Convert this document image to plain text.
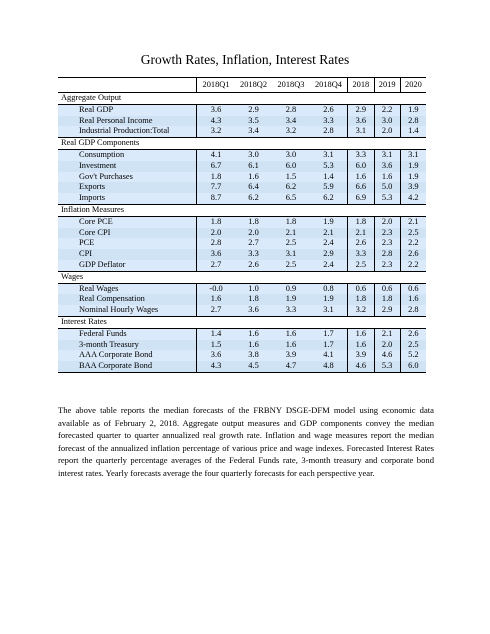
Growth Rates, Inflation, Interest Rates
	2018Q1	2018Q2	2018Q3	2018Q4	2018	2019	2020
Aggregate Output							
Real GDP	3.6	2.9	2.8	2.6	2.9	2.2	1.9
Real Personal Income	4.3	3.5	3.4	3.3	3.6	3.0	2.8
Industrial Production:Total	3.2	3.4	3.2	2.8	3.1	2.0	1.4
Real GDP Components							
Consumption	4.1	3.0	3.0	3.1	3.3	3.1	3.1
Investment	6.7	6.1	6.0	5.3	6.0	3.6	1.9
Gov't Purchases	1.8	1.6	1.5	1.4	1.6	1.6	1.9
Exports	7.7	6.4	6.2	5.9	6.6	5.0	3.9
Imports	8.7	6.2	6.5	6.2	6.9	5.3	4.2
Inflation Measures							
Core PCE	1.8	1.8	1.8	1.9	1.8	2.0	2.1
Core CPI	2.0	2.0	2.1	2.1	2.1	2.3	2.5
PCE	2.8	2.7	2.5	2.4	2.6	2.3	2.2
CPI	3.6	3.3	3.1	2.9	3.3	2.8	2.6
GDP Deflator	2.7	2.6	2.5	2.4	2.5	2.3	2.2
Wages							
Real Wages	-0.0	1.0	0.9	0.8	0.6	0.6	0.6
Real Compensation	1.6	1.8	1.9	1.9	1.8	1.8	1.6
Nominal Hourly Wages	2.7	3.6	3.3	3.1	3.2	2.9	2.8
Interest Rates							
Federal Funds	1.4	1.6	1.6	1.7	1.6	2.1	2.6
3-month Treasury	1.5	1.6	1.6	1.7	1.6	2.0	2.5
AAA Corporate Bond	3.6	3.8	3.9	4.1	3.9	4.6	5.2
BAA Corporate Bond	4.3	4.5	4.7	4.8	4.6	5.3	6.0
The above table reports the median forecasts of the FRBNY DSGE-DFM model using economic data available as of February 2, 2018. Aggregate output measures and GDP components convey the median forecasted quarter to quarter annualized real growth rate. Inflation and wage measures report the median forecast of the annualized inflation percentage of various price and wage indexes. Forecasted Interest Rates report the quarterly percentage averages of the Federal Funds rate, 3-month treasury and corporate bond interest rates. Yearly forecasts average the four quarterly forecasts for each perspective year.
